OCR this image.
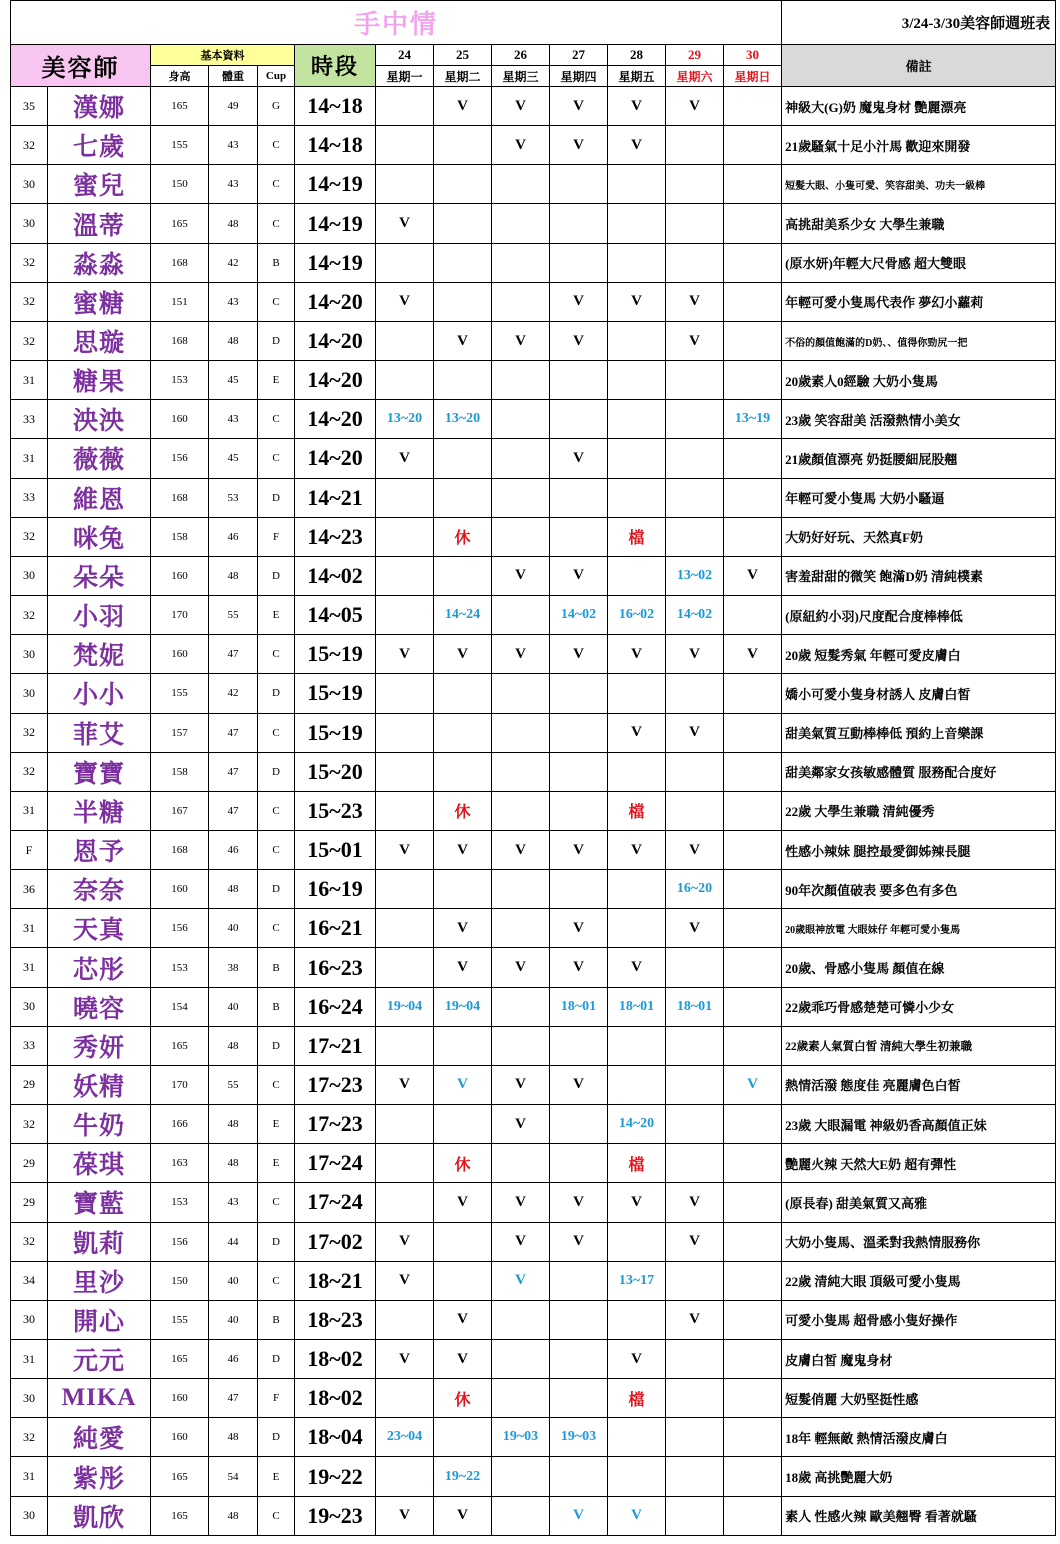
手中情													3/24-3/30美容師週班表
美容師		基本資料			時段	24	25	26	27	28	29	30	備註
		身高	體重	Cup		星期一	星期二	星期三	星期四	星期五	星期六	星期日	
35	漢娜	165	49	G	14~18		V	V	V	V	V		神級大(G)奶 魔鬼身材 艷麗漂亮
32	七歲	155	43	C	14~18			V	V	V			21歲騷氣十足小汁馬 歡迎來開發
30	蜜兒	150	43	C	14~19								短髮大眼、小隻可愛、笑容甜美、功夫一級棒
30	溫蒂	165	48	C	14~19	V							高挑甜美系少女 大學生兼職
32	淼淼	168	42	B	14~19								(原水妍)年輕大尺骨感 超大雙眼
32	蜜糖	151	43	C	14~20	V			V	V	V		年輕可愛小隻馬代表作 夢幻小蘿莉
32	思璇	168	48	D	14~20		V	V	V		V		不俗的顏值飽滿的D奶、、值得你勁尻一把
31	糖果	153	45	E	14~20								20歲素人0經驗 大奶小隻馬
33	泱泱	160	43	C	14~20	13~20	13~20					13~19	23歲 笑容甜美 活潑熱情小美女
31	薇薇	156	45	C	14~20	V			V				21歲顏值漂亮 奶挺腰細屁股翹
33	維恩	168	53	D	14~21								年輕可愛小隻馬 大奶小騷逼
32	咪兔	158	46	F	14~23		休			檔			大奶好好玩、天然真F奶
30	朵朵	160	48	D	14~02			V	V		13~02	V	害羞甜甜的微笑 飽滿D奶 清純樸素
32	小羽	170	55	E	14~05		14~24		14~02	16~02	14~02		(原紐約小羽)尺度配合度棒棒低
30	梵妮	160	47	C	15~19	V	V	V	V	V	V	V	20歲 短髮秀氣 年輕可愛皮膚白
30	小小	155	42	D	15~19								嬌小可愛小隻身材誘人 皮膚白皙
32	菲艾	157	47	C	15~19					V	V		甜美氣質互動棒棒低 預約上音樂課
32	寶寶	158	47	D	15~20								甜美鄰家女孩敏感體質 服務配合度好
31	半糖	167	47	C	15~23		休			檔			22歲 大學生兼職 清純優秀
F	恩予	168	46	C	15~01	V	V	V	V	V	V		性感小辣妹 腿控最愛御姊辣長腿
36	奈奈	160	48	D	16~19						16~20		90年次顏值破表 要多色有多色
31	天真	156	40	C	16~21		V		V		V		20歲眼神放電 大眼妹仔 年輕可愛小隻馬
31	芯彤	153	38	B	16~23		V	V	V	V			20歲、骨感小隻馬 顏值在線
30	曉容	154	40	B	16~24	19~04	19~04		18~01	18~01	18~01		22歲乖巧骨感楚楚可憐小少女
33	秀妍	165	48	D	17~21								22歲素人氣質白皙 清純大學生初兼職
29	妖精	170	55	C	17~23	V	V	V	V			V	熱情活潑 態度佳 亮麗膚色白皙
32	牛奶	166	48	E	17~23			V		14~20			23歲 大眼漏電 神級奶香高顏值正妹
29	葆琪	163	48	E	17~24		休			檔			艷麗火辣 天然大E奶 超有彈性
29	寶藍	153	43	C	17~24		V	V	V	V	V		(原長春) 甜美氣質又高雅
32	凱莉	156	44	D	17~02	V		V	V		V		大奶小隻馬、溫柔對我熱情服務你
34	里沙	150	40	C	18~21	V		V		13~17			22歲 清純大眼 頂級可愛小隻馬
30	開心	155	40	B	18~23		V				V		可愛小隻馬 超骨感小隻好操作
31	元元	165	46	D	18~02	V	V			V			皮膚白皙 魔鬼身材
30	MIKA	160	47	F	18~02		休			檔			短髮俏麗 大奶堅挺性感
32	純愛	160	48	D	18~04	23~04		19~03	19~03				18年 輕無敵 熱情活潑皮膚白
31	紫彤	165	54	E	19~22		19~22						18歲 高挑艷麗大奶
30	凱欣	165	48	C	19~23	V	V		V	V			素人 性感火辣 歐美翹臀 看著就騷
